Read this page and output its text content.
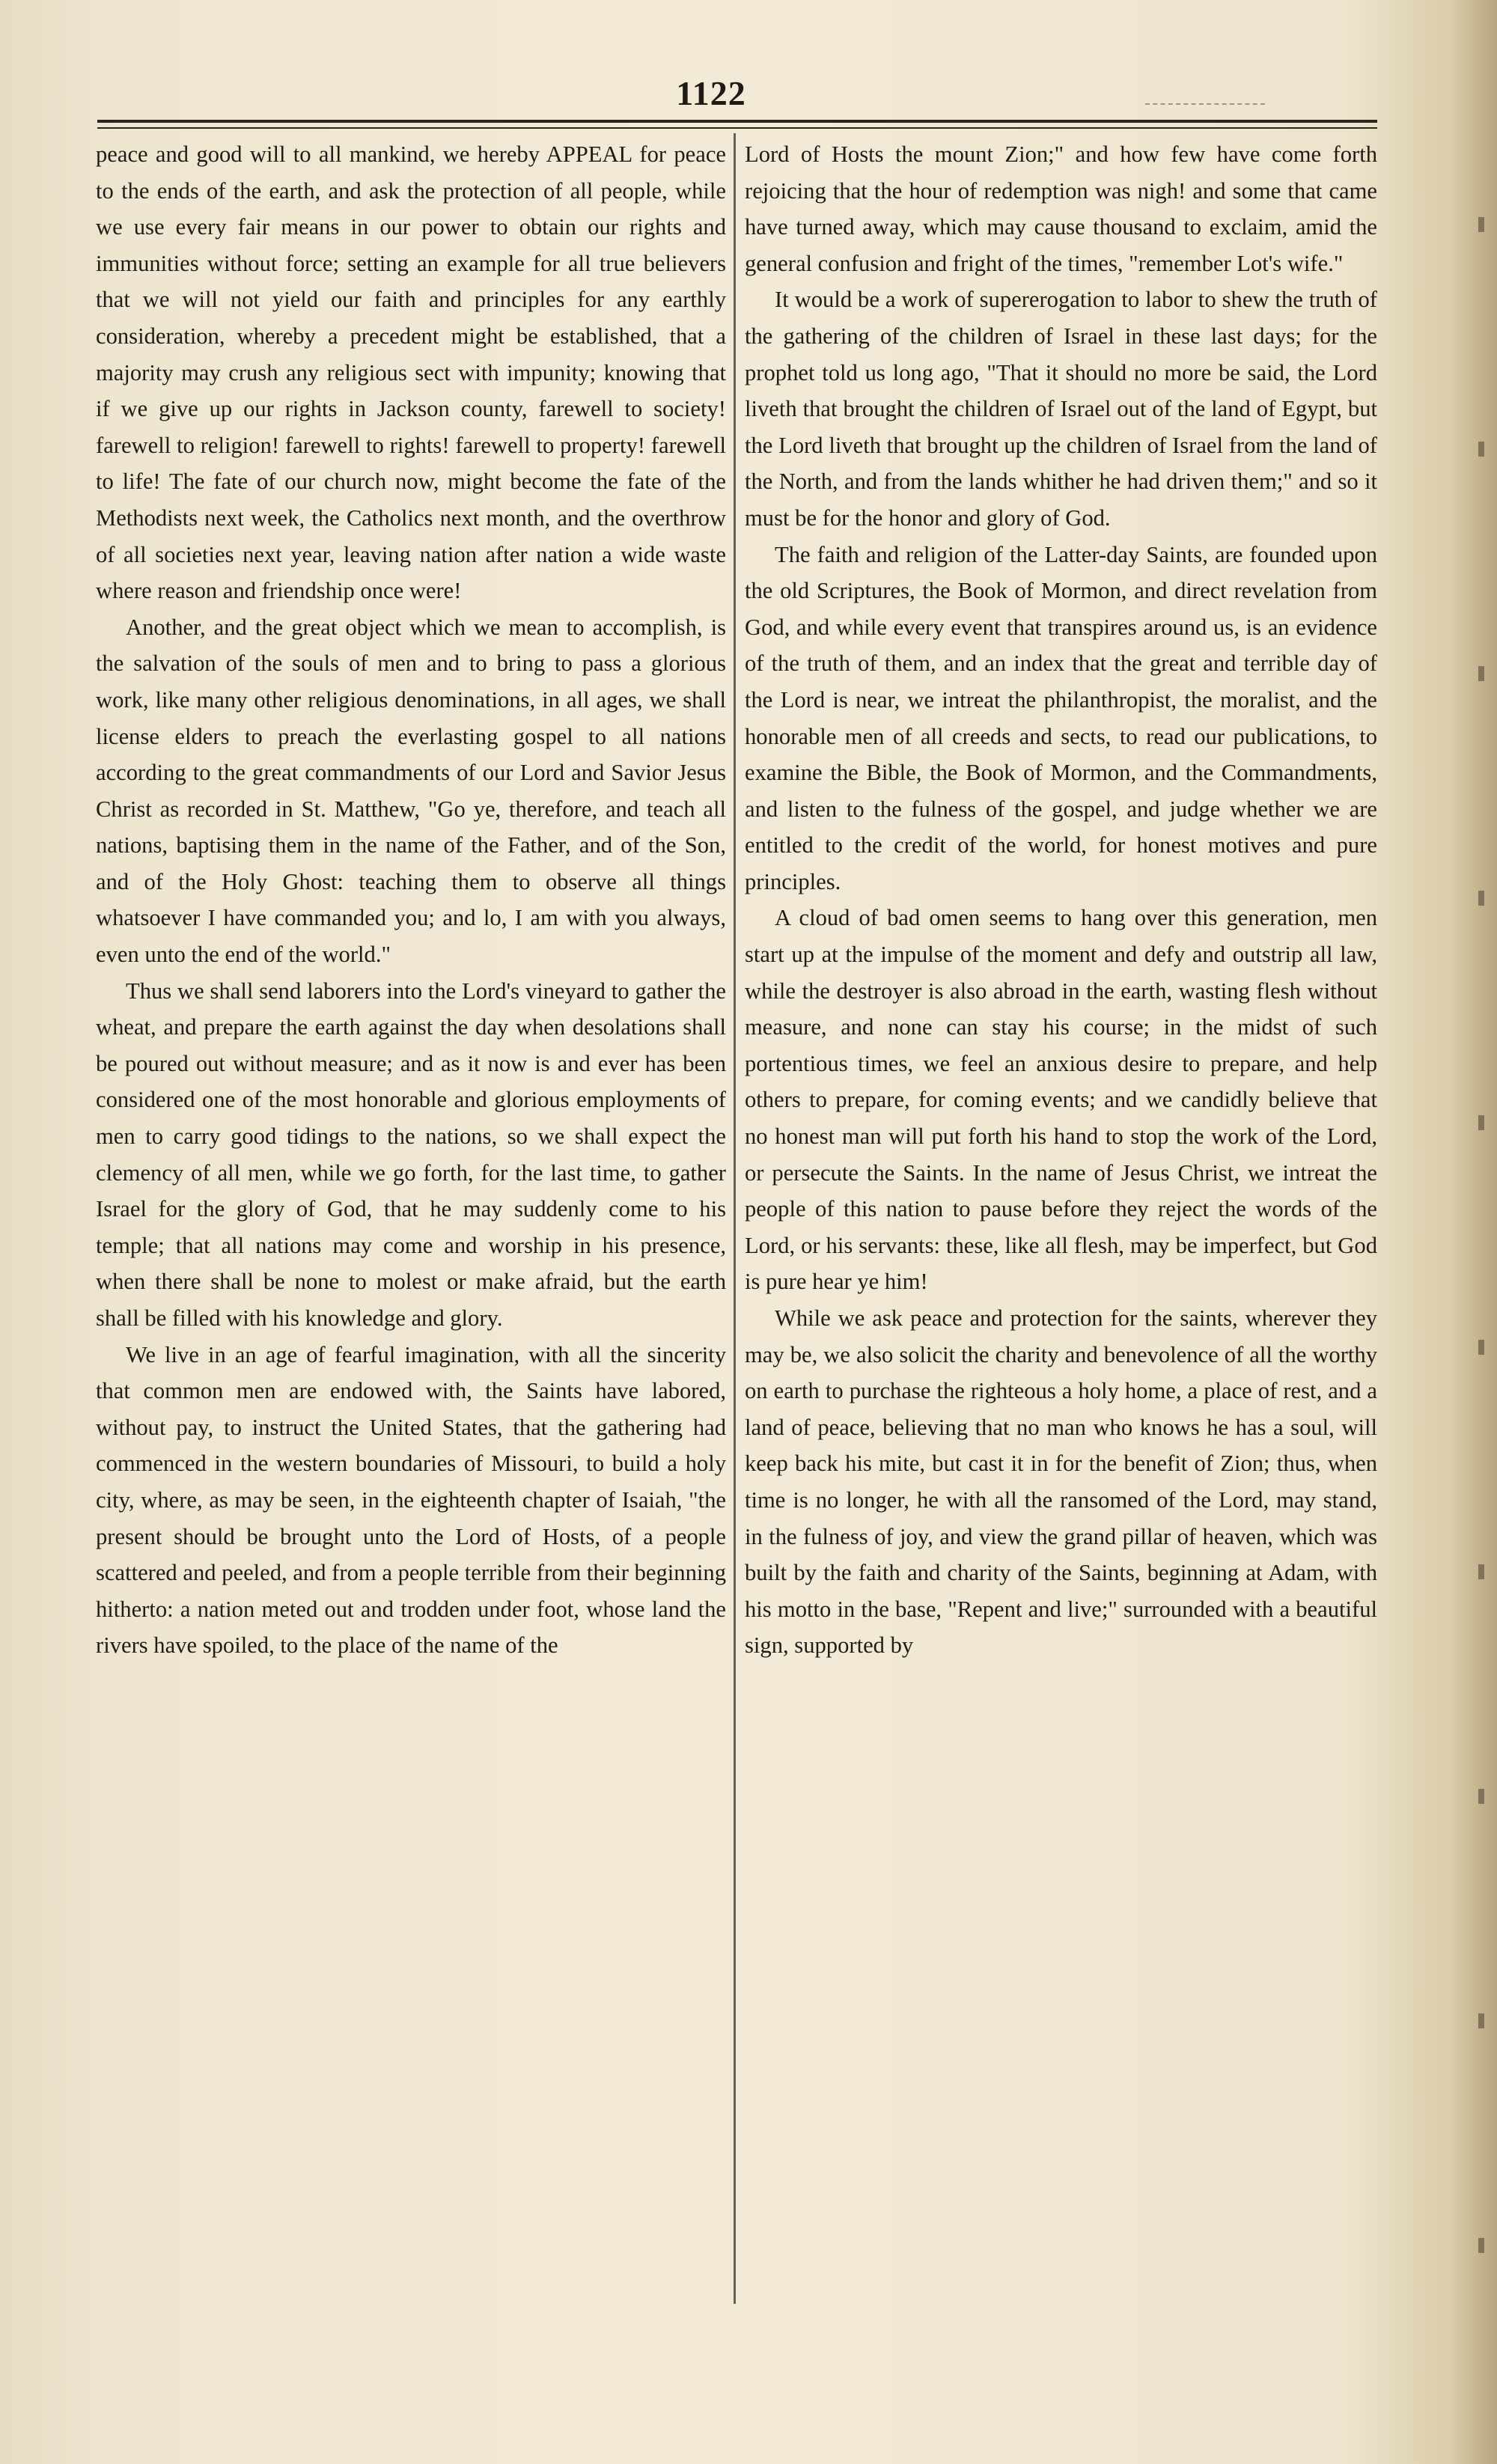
1122

peace and good will to all mankind, we hereby APPEAL for peace to the ends of the earth, and ask the protection of all people, while we use every fair means in our power to obtain our rights and immunities without force; setting an example for all true believers that we will not yield our faith and principles for any earthly consideration, whereby a precedent might be established, that a majority may crush any religious sect with impunity; knowing that if we give up our rights in Jackson county, farewell to society! farewell to religion! farewell to rights! farewell to property! farewell to life! The fate of our church now, might become the fate of the Methodists next week, the Catholics next month, and the overthrow of all societies next year, leaving nation after nation a wide waste where reason and friendship once were!

Another, and the great object which we mean to accomplish, is the salvation of the souls of men and to bring to pass a glorious work, like many other religious denominations, in all ages, we shall license elders to preach the everlasting gospel to all nations according to the great commandments of our Lord and Savior Jesus Christ as recorded in St. Matthew, "Go ye, therefore, and teach all nations, baptising them in the name of the Father, and of the Son, and of the Holy Ghost: teaching them to observe all things whatsoever I have commanded you; and lo, I am with you always, even unto the end of the world."

Thus we shall send laborers into the Lord's vineyard to gather the wheat, and prepare the earth against the day when desolations shall be poured out without measure; and as it now is and ever has been considered one of the most honorable and glorious employments of men to carry good tidings to the nations, so we shall expect the clemency of all men, while we go forth, for the last time, to gather Israel for the glory of God, that he may suddenly come to his temple; that all nations may come and worship in his presence, when there shall be none to molest or make afraid, but the earth shall be filled with his knowledge and glory.

We live in an age of fearful imagination, with all the sincerity that common men are endowed with, the Saints have labored, without pay, to instruct the United States, that the gathering had commenced in the western boundaries of Missouri, to build a holy city, where, as may be seen, in the eighteenth chapter of Isaiah, "the present should be brought unto the Lord of Hosts, of a people scattered and peeled, and from a people terrible from their beginning hitherto: a nation meted out and trodden under foot, whose land the rivers have spoiled, to the place of the name of the

Lord of Hosts the mount Zion;" and how few have come forth rejoicing that the hour of redemption was nigh! and some that came have turned away, which may cause thousand to exclaim, amid the general confusion and fright of the times, "remember Lot's wife."

It would be a work of supererogation to labor to shew the truth of the gathering of the children of Israel in these last days; for the prophet told us long ago, "That it should no more be said, the Lord liveth that brought the children of Israel out of the land of Egypt, but the Lord liveth that brought up the children of Israel from the land of the North, and from the lands whither he had driven them;" and so it must be for the honor and glory of God.

The faith and religion of the Latter-day Saints, are founded upon the old Scriptures, the Book of Mormon, and direct revelation from God, and while every event that transpires around us, is an evidence of the truth of them, and an index that the great and terrible day of the Lord is near, we intreat the philanthropist, the moralist, and the honorable men of all creeds and sects, to read our publications, to examine the Bible, the Book of Mormon, and the Commandments, and listen to the fulness of the gospel, and judge whether we are entitled to the credit of the world, for honest motives and pure principles.

A cloud of bad omen seems to hang over this generation, men start up at the impulse of the moment and defy and outstrip all law, while the destroyer is also abroad in the earth, wasting flesh without measure, and none can stay his course; in the midst of such portentious times, we feel an anxious desire to prepare, and help others to prepare, for coming events; and we candidly believe that no honest man will put forth his hand to stop the work of the Lord, or persecute the Saints. In the name of Jesus Christ, we intreat the people of this nation to pause before they reject the words of the Lord, or his servants: these, like all flesh, may be imperfect, but God is pure hear ye him!

While we ask peace and protection for the saints, wherever they may be, we also solicit the charity and benevolence of all the worthy on earth to purchase the righteous a holy home, a place of rest, and a land of peace, believing that no man who knows he has a soul, will keep back his mite, but cast it in for the benefit of Zion; thus, when time is no longer, he with all the ransomed of the Lord, may stand, in the fulness of joy, and view the grand pillar of heaven, which was built by the faith and charity of the Saints, beginning at Adam, with his motto in the base, "Repent and live;" surrounded with a beautiful sign, supported by
